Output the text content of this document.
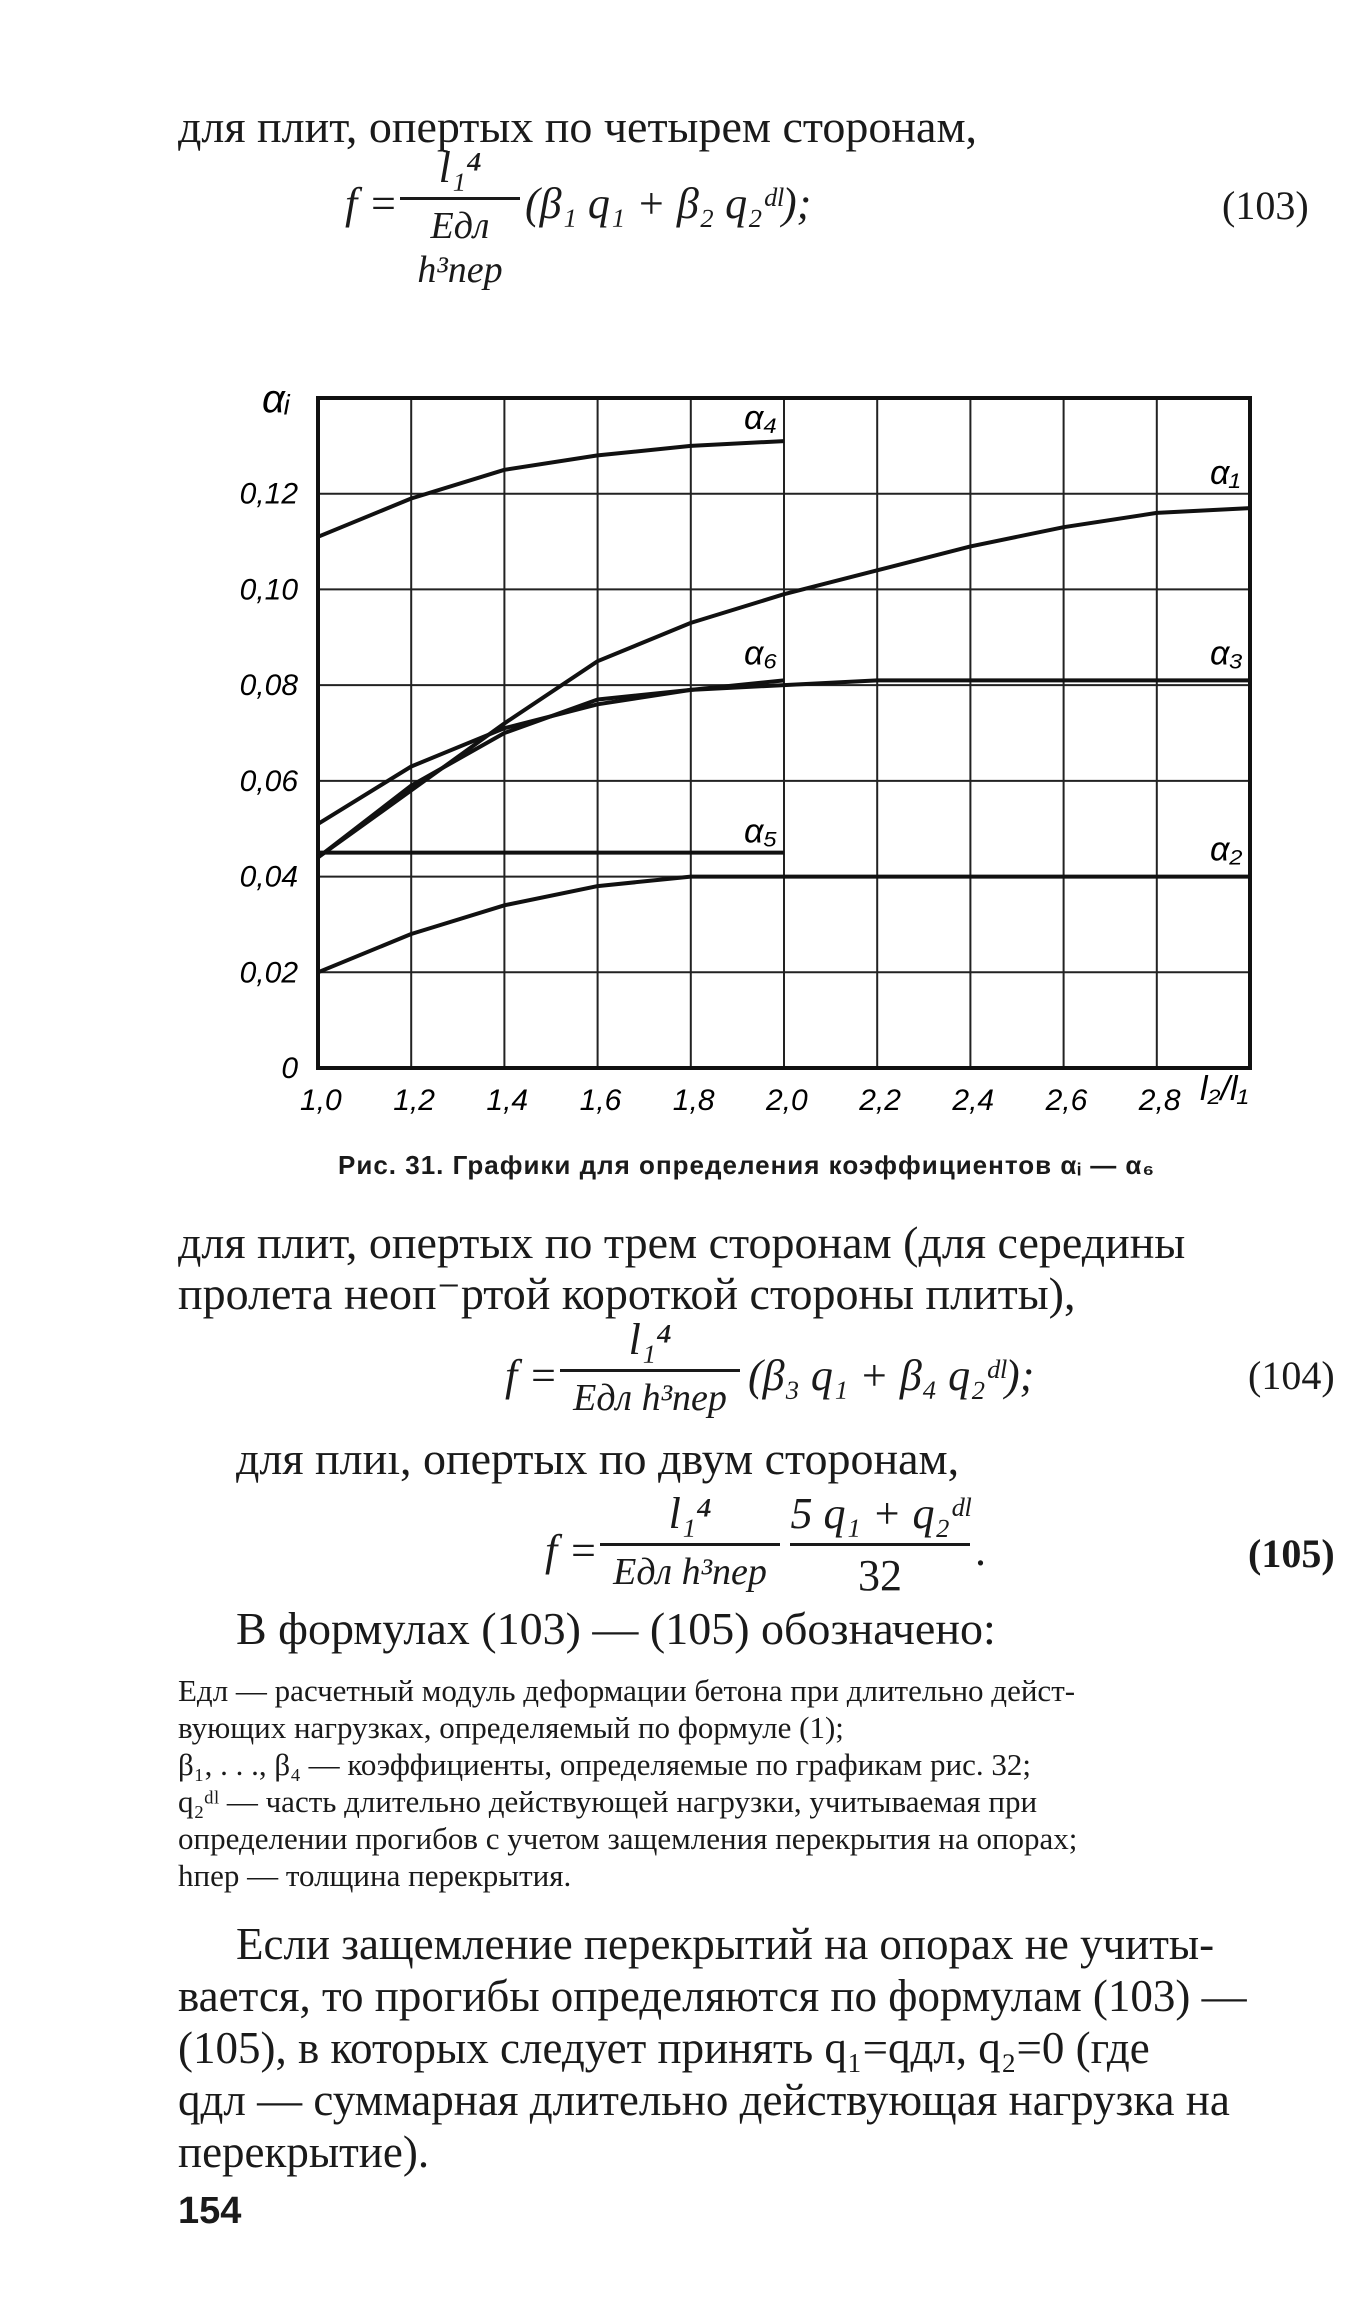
для плит, опертых по четырем сторонам,
f =
l₁⁴
Eдл h³пер
(β₁ q₁ + β₂ q₂ᵈˡ);	(103)
1,0 1,2 1,4 1,6 1,8 2,0 2,2 2,4 2,6 2,8
0
0,02
0,04
0,06
0,08
0,10
0,12
α₄
α₁
α₆	α₃
α₅	α₂
αᵢ
l₂/l₁
Рис. 31. Графики для определения коэффициентов αᵢ — α₆
для плит, опертых по трем сторонам (для середины
пролета неоп⁻ртой короткой стороны плиты),
f =
l₁⁴
Eдл h³пер (β₃ q₁ + β₄ q₂ᵈˡ);	(104)
для плиı, опертых по двум сторонам,
f =
l₁⁴
Eдл h³пер
5 q₁ + q₂ᵈˡ
32
.	(105)
В формулах (103) — (105) обозначено:
Eдл — расчетный модуль деформации бетона при длительно дейст-
вующих нагрузках, определяемый по формуле (1);
β₁, . . ., β₄ — коэффициенты, определяемые по графикам рис. 32;
q₂ᵈˡ — часть длительно действующей нагрузки, учитываемая при
определении прогибов с учетом защемления перекрытия на опорах;
hпер — толщина перекрытия.
Если защемление перекрытий на опорах не учиты-
вается, то прогибы определяются по формулам (103) —
(105), в которых следует принять q₁=qдл, q₂=0 (где
qдл — суммарная длительно действующая нагрузка на
перекрытие).
154
